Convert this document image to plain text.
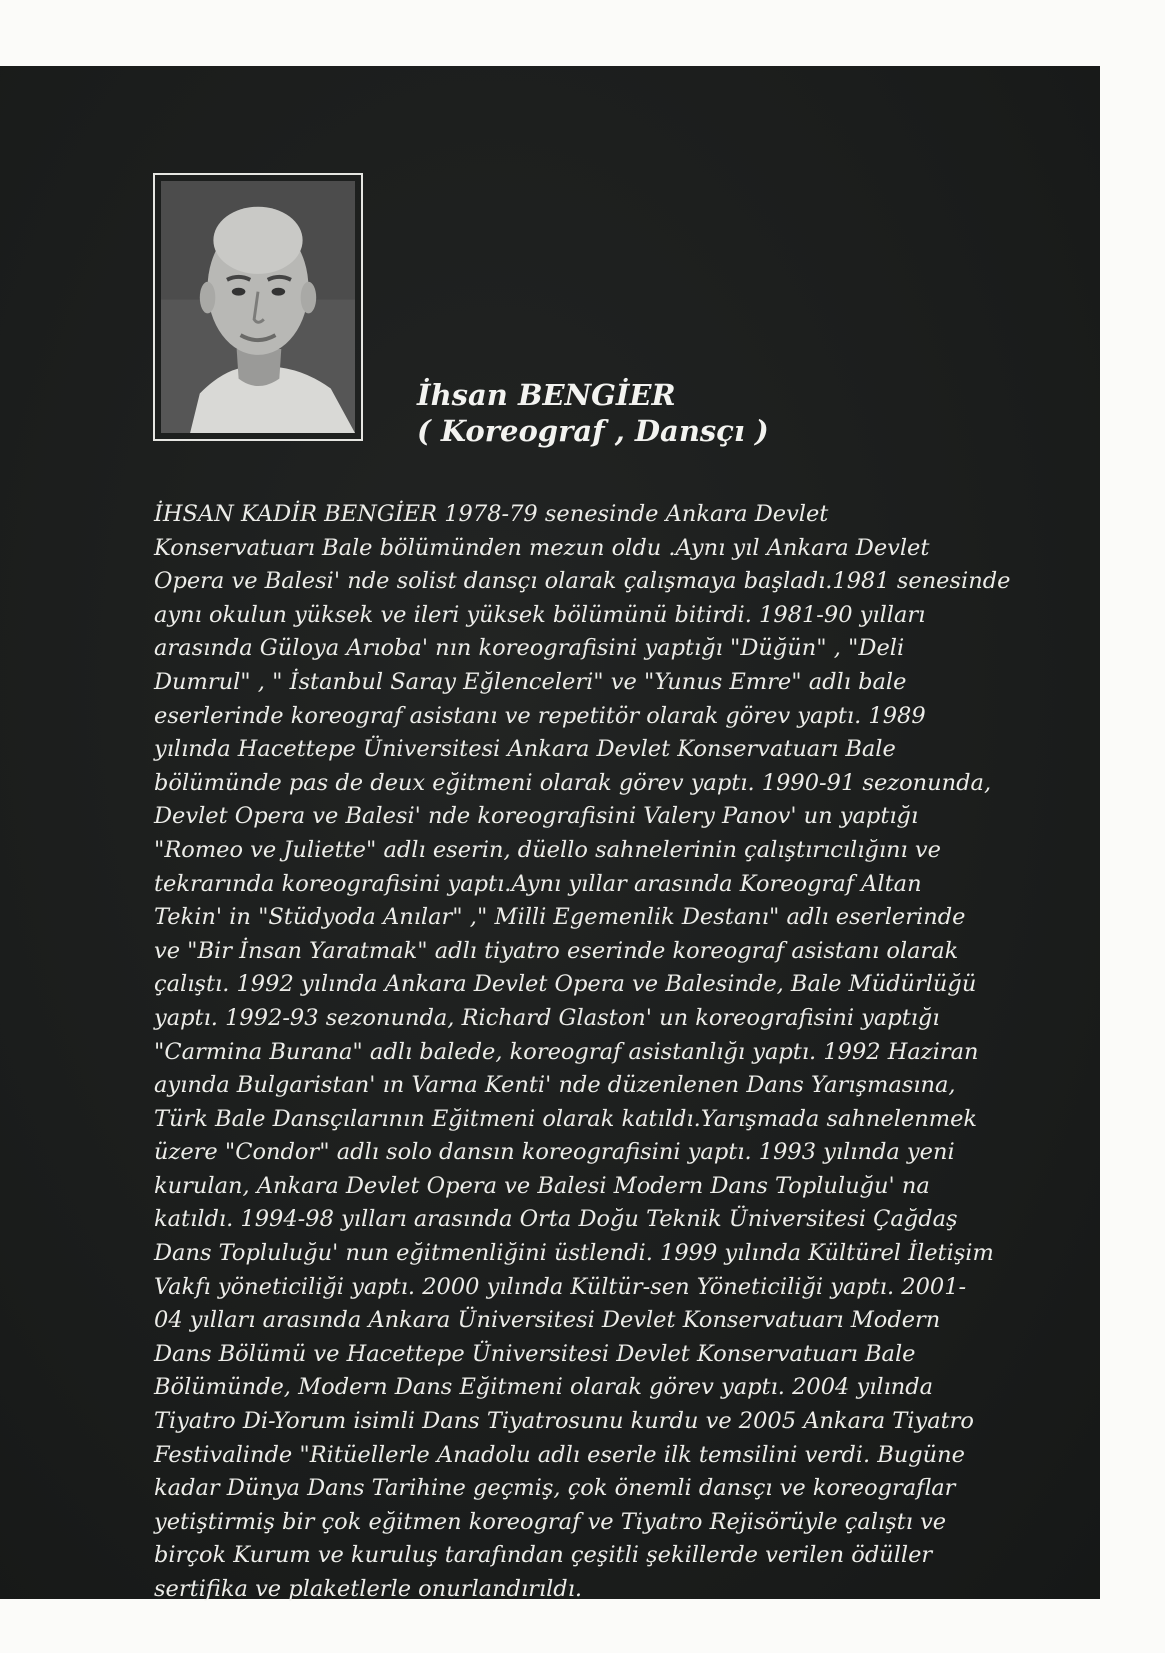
İhsan BENGİER
( Koreograf , Dansçı )

İHSAN KADİR BENGİER 1978-79 senesinde Ankara Devlet
Konservatuarı Bale bölümünden mezun oldu .Aynı yıl Ankara Devlet
Opera ve Balesi' nde solist dansçı olarak çalışmaya başladı.1981 senesinde
aynı okulun yüksek ve ileri yüksek bölümünü bitirdi. 1981-90 yılları
arasında Güloya Arıoba' nın koreografisini yaptığı "Düğün" , "Deli
Dumrul" , " İstanbul Saray Eğlenceleri" ve "Yunus Emre" adlı bale
eserlerinde koreograf asistanı ve repetitör olarak görev yaptı. 1989
yılında Hacettepe Üniversitesi Ankara Devlet Konservatuarı Bale
bölümünde pas de deux eğitmeni olarak görev yaptı. 1990-91 sezonunda,
Devlet Opera ve Balesi' nde koreografisini Valery Panov' un yaptığı
"Romeo ve Juliette" adlı eserin, düello sahnelerinin çalıştırıcılığını ve
tekrarında koreografisini yaptı.Aynı yıllar arasında Koreograf Altan
Tekin' in "Stüdyoda Anılar" ," Milli Egemenlik Destanı" adlı eserlerinde
ve "Bir İnsan Yaratmak" adlı tiyatro eserinde koreograf asistanı olarak
çalıştı. 1992 yılında Ankara Devlet Opera ve Balesinde, Bale Müdürlüğü
yaptı. 1992-93 sezonunda, Richard Glaston' un koreografisini yaptığı
"Carmina Burana" adlı balede, koreograf asistanlığı yaptı. 1992 Haziran
ayında Bulgaristan' ın Varna Kenti' nde düzenlenen Dans Yarışmasına,
Türk Bale Dansçılarının Eğitmeni olarak katıldı.Yarışmada sahnelenmek
üzere "Condor" adlı solo dansın koreografisini yaptı. 1993 yılında yeni
kurulan, Ankara Devlet Opera ve Balesi Modern Dans Topluluğu' na
katıldı. 1994-98 yılları arasında Orta Doğu Teknik Üniversitesi Çağdaş
Dans Topluluğu' nun eğitmenliğini üstlendi. 1999 yılında Kültürel İletişim
Vakfı yöneticiliği yaptı. 2000 yılında Kültür-sen Yöneticiliği yaptı. 2001-
04 yılları arasında Ankara Üniversitesi Devlet Konservatuarı Modern
Dans Bölümü ve Hacettepe Üniversitesi Devlet Konservatuarı Bale
Bölümünde, Modern Dans Eğitmeni olarak görev yaptı. 2004 yılında
Tiyatro Di-Yorum isimli Dans Tiyatrosunu kurdu ve 2005 Ankara Tiyatro
Festivalinde "Ritüellerle Anadolu adlı eserle ilk temsilini verdi. Bugüne
kadar Dünya Dans Tarihine geçmiş, çok önemli dansçı ve koreograflar
yetiştirmiş bir çok eğitmen koreograf ve Tiyatro Rejisörüyle çalıştı ve
birçok Kurum ve kuruluş tarafından çeşitli şekillerde verilen ödüller
sertifika ve plaketlerle onurlandırıldı.
